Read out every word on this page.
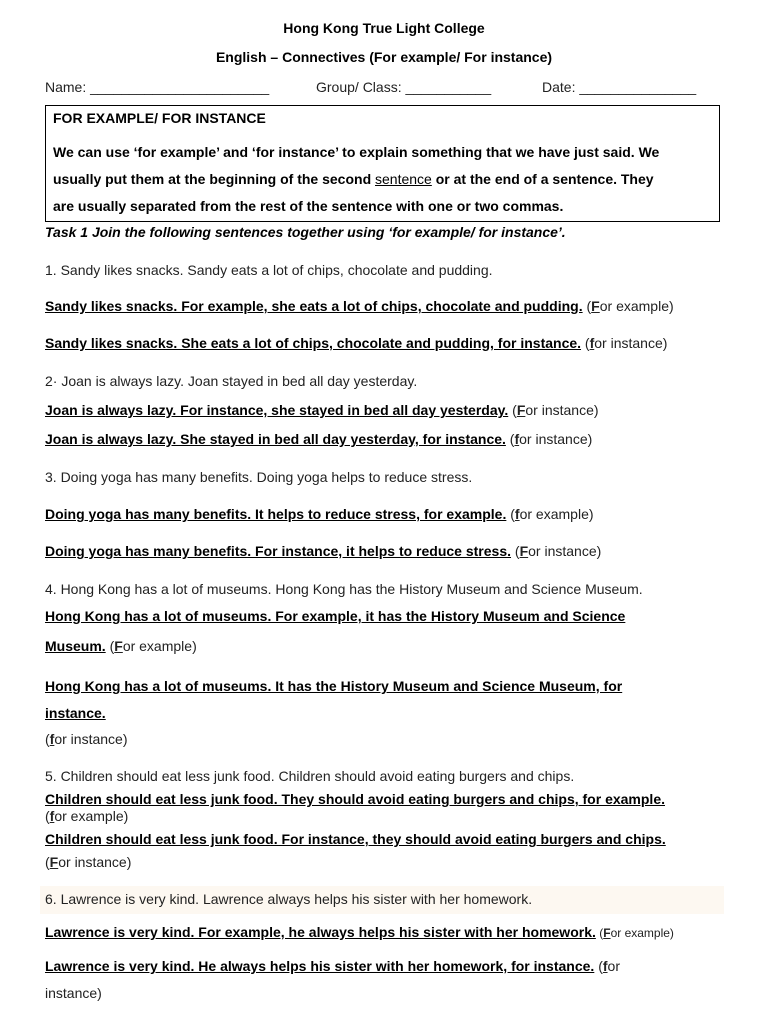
Hong Kong True Light College
English – Connectives (For example/ For instance)
Name: _______________________	Group/ Class: ___________	Date: _______________
FOR EXAMPLE/ FOR INSTANCE
We can use ‘for example’ and ‘for instance’ to explain something that we have just said. We
usually put them at the beginning of the second sentence or at the end of a sentence. They
are usually separated from the rest of the sentence with one or two commas.
Task 1 Join the following sentences together using ‘for example/ for instance’.
1. Sandy likes snacks. Sandy eats a lot of chips, chocolate and pudding.
Sandy likes snacks. For example, she eats a lot of chips, chocolate and pudding. (For example)
Sandy likes snacks. She eats a lot of chips, chocolate and pudding, for instance. (for instance)
2· Joan is always lazy. Joan stayed in bed all day yesterday.
Joan is always lazy. For instance, she stayed in bed all day yesterday. (For instance)
Joan is always lazy. She stayed in bed all day yesterday, for instance. (for instance)
3. Doing yoga has many benefits. Doing yoga helps to reduce stress.
Doing yoga has many benefits. It helps to reduce stress, for example. (for example)
Doing yoga has many benefits. For instance, it helps to reduce stress. (For instance)
4. Hong Kong has a lot of museums. Hong Kong has the History Museum and Science Museum.
Hong Kong has a lot of museums. For example, it has the History Museum and Science
Museum. (For example)
Hong Kong has a lot of museums. It has the History Museum and Science Museum, for
instance.
(for instance)
5. Children should eat less junk food. Children should avoid eating burgers and chips.
Children should eat less junk food. They should avoid eating burgers and chips, for example.
(for example)
Children should eat less junk food. For instance, they should avoid eating burgers and chips.
(For instance)
6. Lawrence is very kind. Lawrence always helps his sister with her homework.
Lawrence is very kind. For example, he always helps his sister with her homework. (For example)
Lawrence is very kind. He always helps his sister with her homework, for instance. (for
instance)
